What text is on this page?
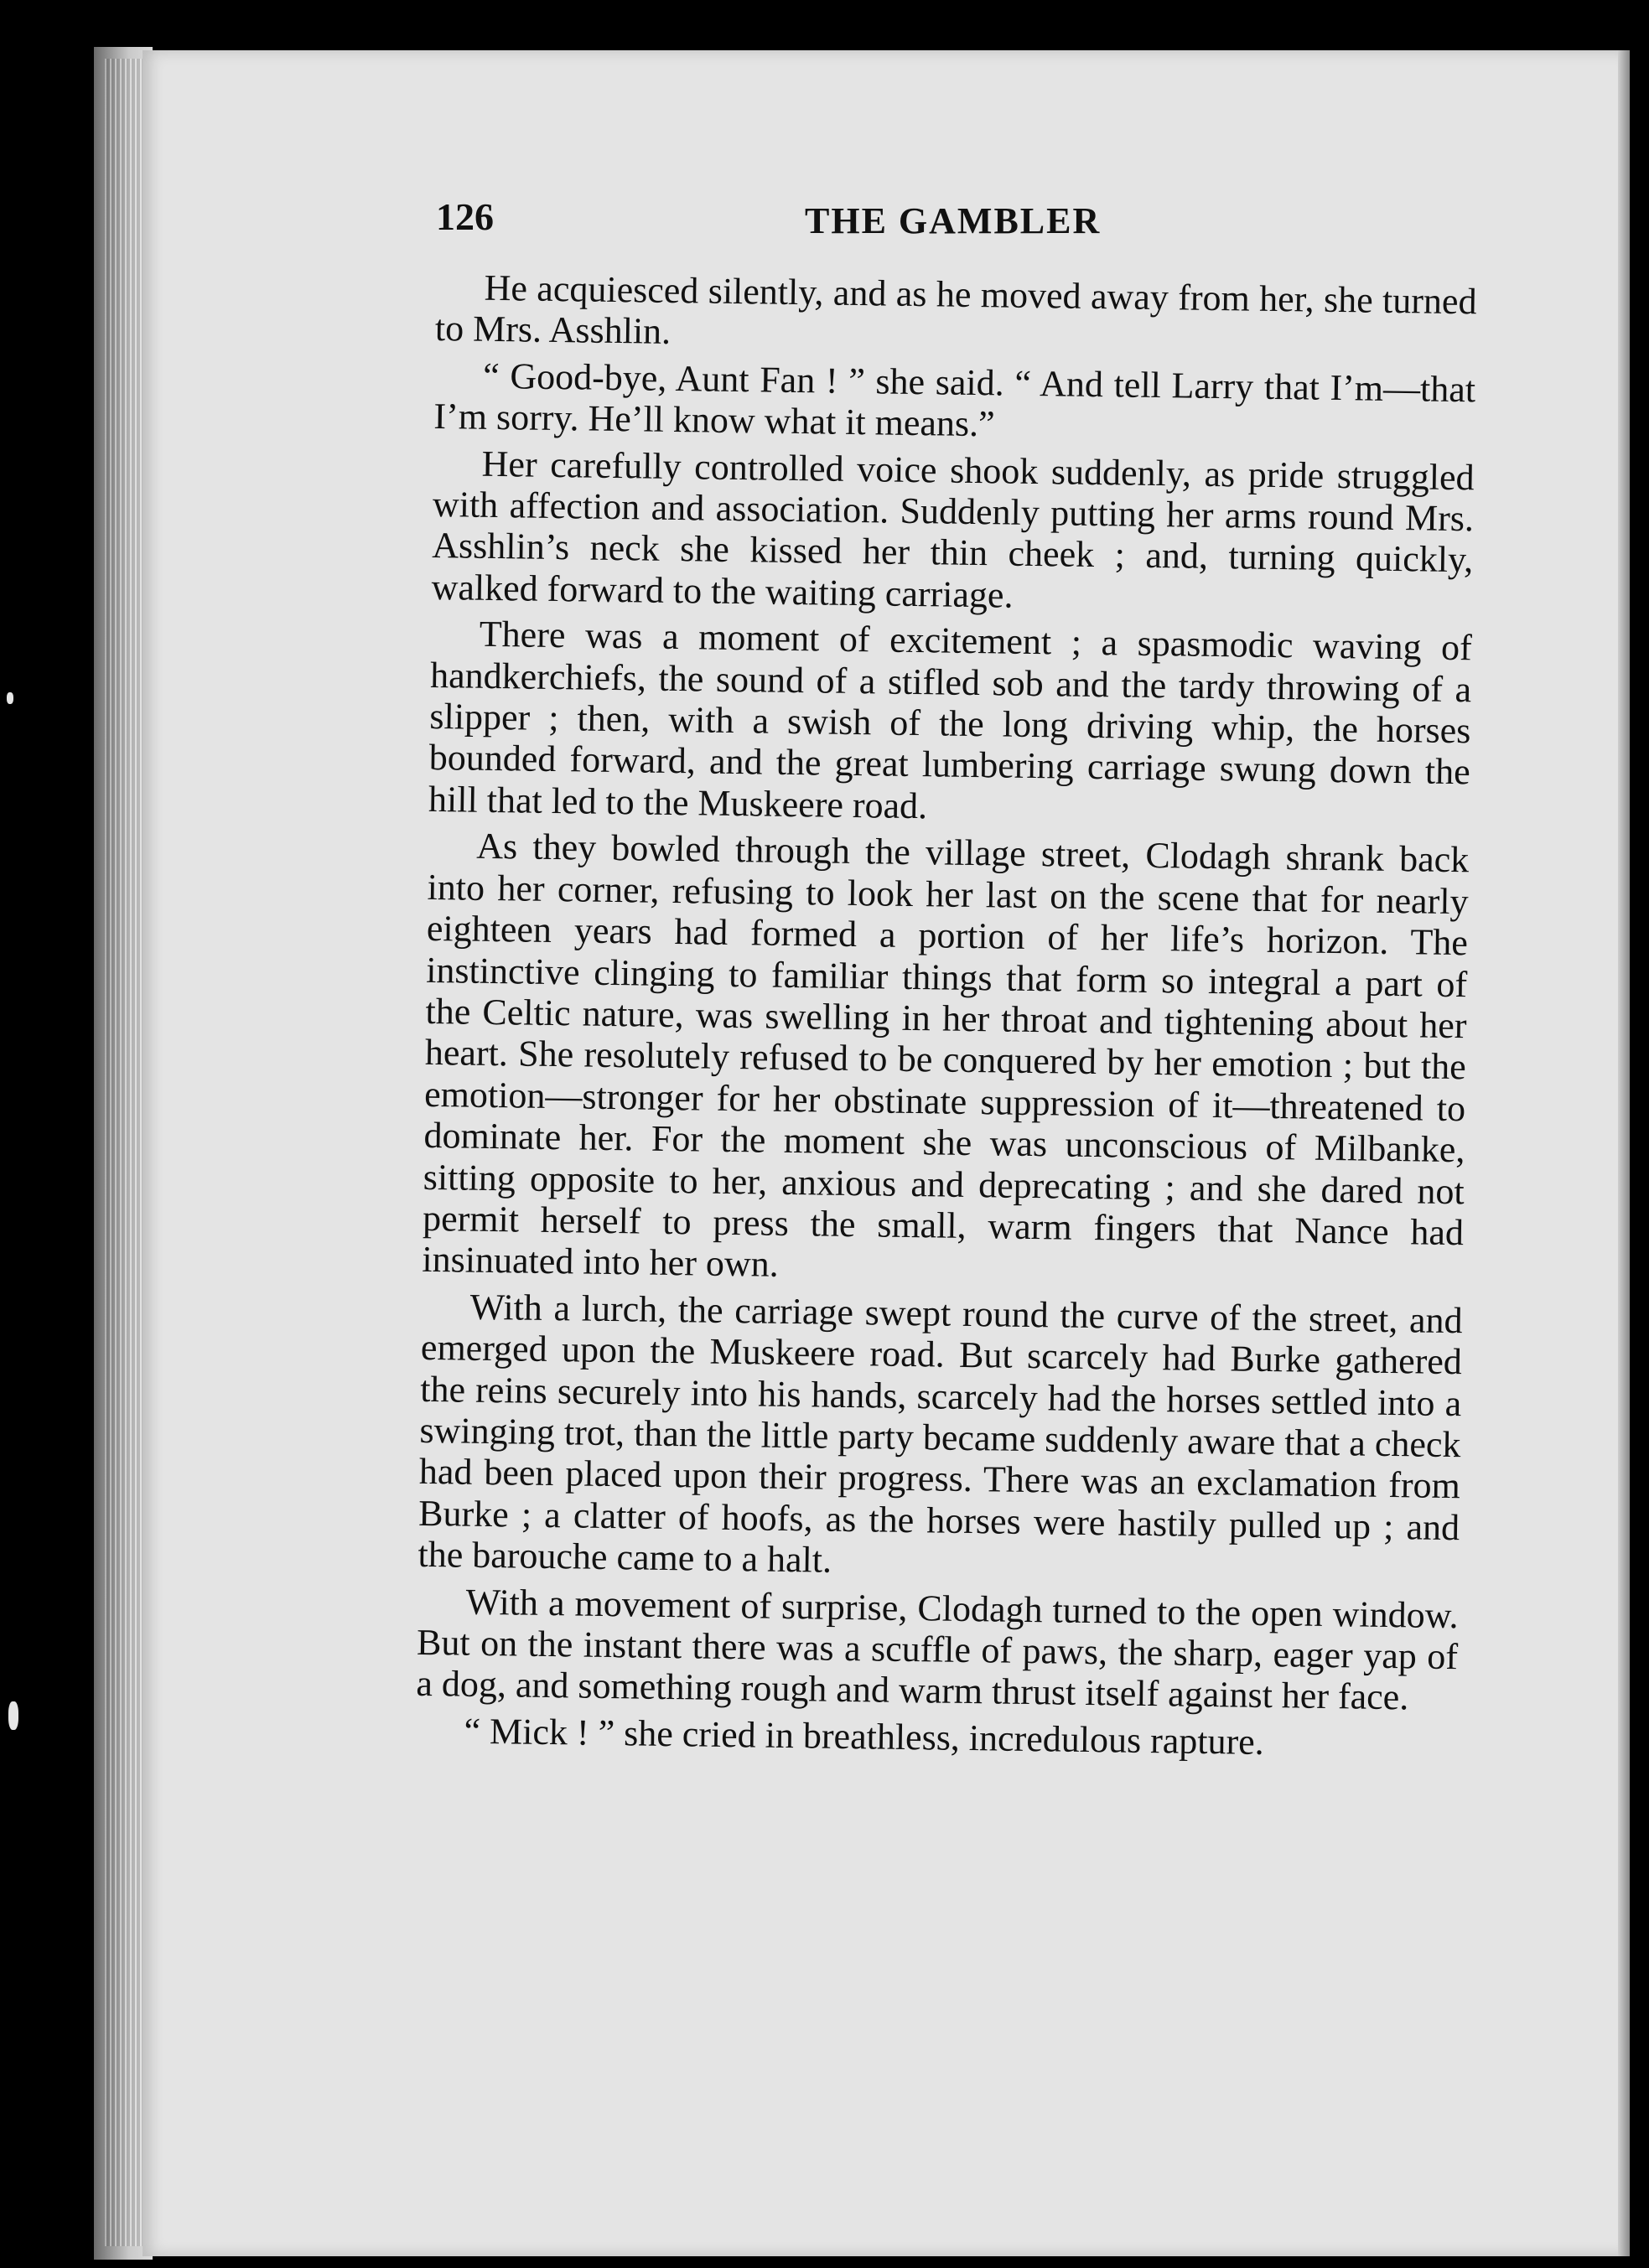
126	THE GAMBLER

He acquiesced silently, and as he moved away from her, she turned to Mrs. Asshlin.

“ Good-bye, Aunt Fan ! ” she said. “ And tell Larry that I’m—that I’m sorry. He’ll know what it means.”

Her carefully controlled voice shook suddenly, as pride struggled with affection and association. Suddenly putting her arms round Mrs. Asshlin’s neck she kissed her thin cheek ; and, turning quickly, walked forward to the waiting carriage.

There was a moment of excitement ; a spasmodic waving of handkerchiefs, the sound of a stifled sob and the tardy throwing of a slipper ; then, with a swish of the long driving whip, the horses bounded forward, and the great lumbering carriage swung down the hill that led to the Muskeere road.

As they bowled through the village street, Clodagh shrank back into her corner, refusing to look her last on the scene that for nearly eighteen years had formed a portion of her life’s horizon. The instinctive clinging to familiar things that form so integral a part of the Celtic nature, was swelling in her throat and tightening about her heart. She resolutely refused to be conquered by her emotion ; but the emotion—stronger for her obstinate suppression of it—threatened to dominate her. For the moment she was unconscious of Milbanke, sitting opposite to her, anxious and deprecating ; and she dared not permit herself to press the small, warm fingers that Nance had insinuated into her own.

With a lurch, the carriage swept round the curve of the street, and emerged upon the Muskeere road. But scarcely had Burke gathered the reins securely into his hands, scarcely had the horses settled into a swinging trot, than the little party became suddenly aware that a check had been placed upon their progress. There was an exclamation from Burke ; a clatter of hoofs, as the horses were hastily pulled up ; and the barouche came to a halt.

With a movement of surprise, Clodagh turned to the open window. But on the instant there was a scuffle of paws, the sharp, eager yap of a dog, and something rough and warm thrust itself against her face.

“ Mick ! ” she cried in breathless, incredulous rapture.
